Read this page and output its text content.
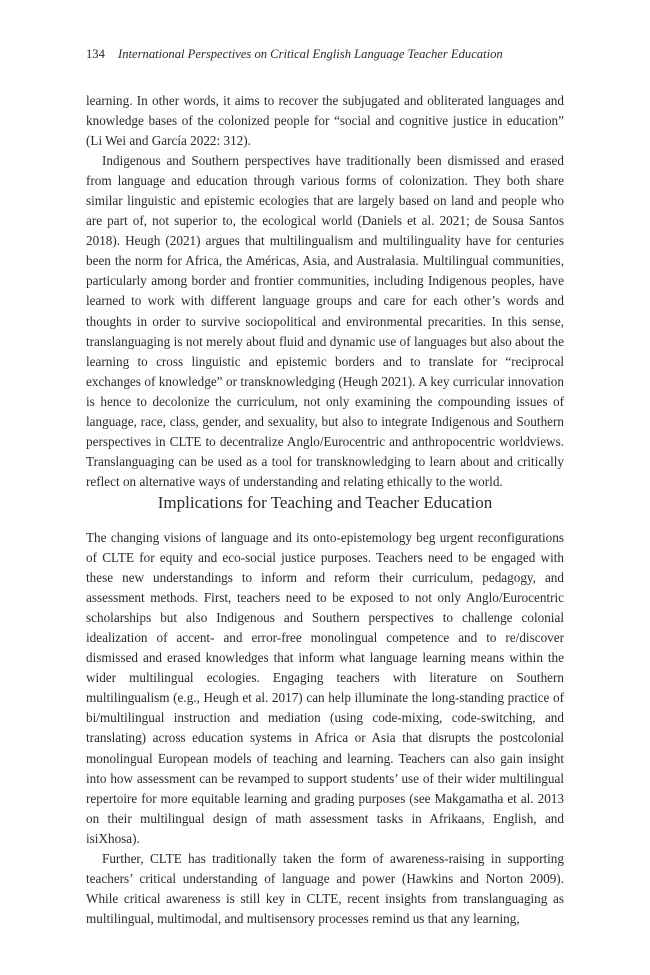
134 International Perspectives on Critical English Language Teacher Education

learning. In other words, it aims to recover the subjugated and obliterated languages and knowledge bases of the colonized people for “social and cognitive justice in education” (Li Wei and García 2022: 312).

Indigenous and Southern perspectives have traditionally been dismissed and erased from language and education through various forms of colonization. They both share similar linguistic and epistemic ecologies that are largely based on land and people who are part of, not superior to, the ecological world (Daniels et al. 2021; de Sousa Santos 2018). Heugh (2021) argues that multilingualism and multilinguality have for centuries been the norm for Africa, the Américas, Asia, and Australasia. Multilingual communities, particularly among border and frontier communities, including Indigenous peoples, have learned to work with different language groups and care for each other’s words and thoughts in order to survive sociopolitical and environmental precarities. In this sense, translanguaging is not merely about fluid and dynamic use of languages but also about the learning to cross linguistic and epistemic borders and to translate for “reciprocal exchanges of knowledge” or transknowledging (Heugh 2021). A key curricular innovation is hence to decolonize the curriculum, not only examining the compounding issues of language, race, class, gender, and sexuality, but also to integrate Indigenous and Southern perspectives in CLTE to decentralize Anglo/Eurocentric and anthropocentric worldviews. Translanguaging can be used as a tool for transknowledging to learn about and critically reflect on alternative ways of understanding and relating ethically to the world.

Implications for Teaching and Teacher Education

The changing visions of language and its onto-epistemology beg urgent reconfigurations of CLTE for equity and eco-social justice purposes. Teachers need to be engaged with these new understandings to inform and reform their curriculum, pedagogy, and assessment methods. First, teachers need to be exposed to not only Anglo/Eurocentric scholarships but also Indigenous and Southern perspectives to challenge colonial idealization of accent- and error-free monolingual competence and to re/discover dismissed and erased knowledges that inform what language learning means within the wider multilingual ecologies. Engaging teachers with literature on Southern multilingualism (e.g., Heugh et al. 2017) can help illuminate the long-standing practice of bi/multilingual instruction and mediation (using code-mixing, code-switching, and translating) across education systems in Africa or Asia that disrupts the postcolonial monolingual European models of teaching and learning. Teachers can also gain insight into how assessment can be revamped to support students’ use of their wider multilingual repertoire for more equitable learning and grading purposes (see Makgamatha et al. 2013 on their multilingual design of math assessment tasks in Afrikaans, English, and isiXhosa).

Further, CLTE has traditionally taken the form of awareness-raising in supporting teachers’ critical understanding of language and power (Hawkins and Norton 2009). While critical awareness is still key in CLTE, recent insights from translanguaging as multilingual, multimodal, and multisensory processes remind us that any learning,
